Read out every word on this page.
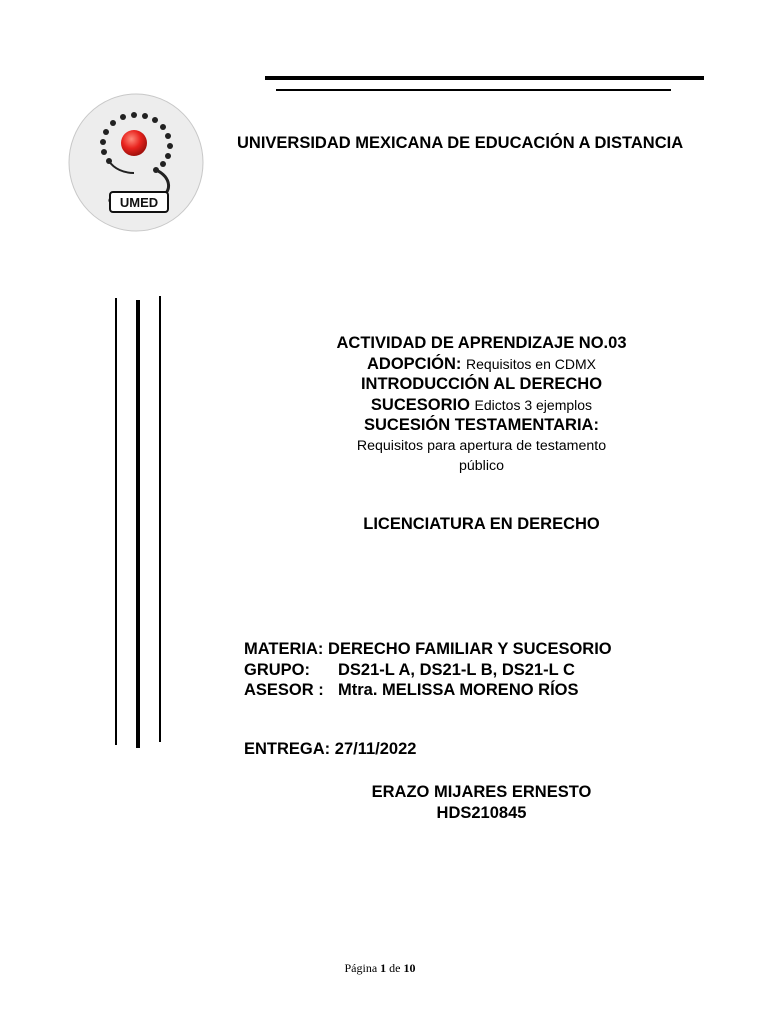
UMED
UNIVERSIDAD MEXICANA DE EDUCACIÓN A DISTANCIA
ACTIVIDAD DE APRENDIZAJE NO.03
ADOPCIÓN: Requisitos en CDMX
INTRODUCCIÓN AL DERECHO
SUCESORIO Edictos 3 ejemplos
SUCESIÓN TESTAMENTARIA:
Requisitos para apertura de testamento
público
LICENCIATURA EN DERECHO
MATERIA: DERECHO FAMILIAR Y SUCESORIO
GRUPO: DS21-L A, DS21-L B, DS21-L C
ASESOR : Mtra. MELISSA MORENO RÍOS
ENTREGA: 27/11/2022
ERAZO MIJARES ERNESTO
HDS210845
Página 1 de 10
